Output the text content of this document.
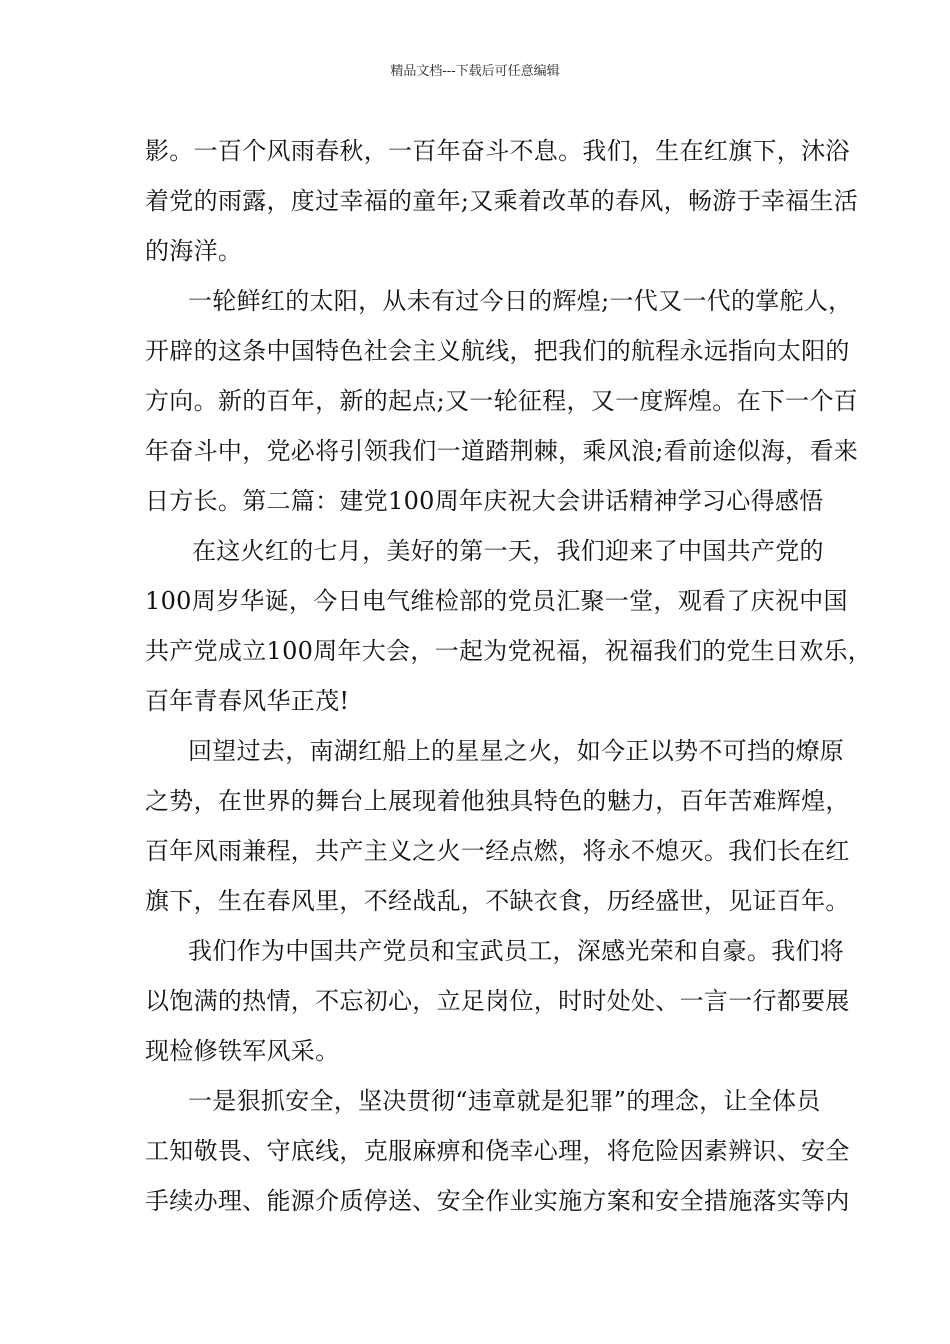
精品文档---下载后可任意编辑
影。一百个风雨春秋，一百年奋斗不息。我们，生在红旗下，沐浴
着党的雨露，度过幸福的童年;又乘着改革的春风，畅游于幸福生活
的海洋。
一轮鲜红的太阳，从未有过今日的辉煌;一代又一代的掌舵人，
开辟的这条中国特色社会主义航线，把我们的航程永远指向太阳的
方向。新的百年，新的起点;又一轮征程，又一度辉煌。在下一个百
年奋斗中，党必将引领我们一道踏荆棘，乘风浪;看前途似海，看来
日方长。第二篇：建党100周年庆祝大会讲话精神学习心得感悟
在这火红的七月，美好的第一天，我们迎来了中国共产党的
100周岁华诞，今日电气维检部的党员汇聚一堂，观看了庆祝中国
共产党成立100周年大会，一起为党祝福，祝福我们的党生日欢乐，
百年青春风华正茂!
回望过去，南湖红船上的星星之火，如今正以势不可挡的燎原
之势，在世界的舞台上展现着他独具特色的魅力，百年苦难辉煌，
百年风雨兼程，共产主义之火一经点燃，将永不熄灭。我们长在红
旗下，生在春风里，不经战乱，不缺衣食，历经盛世，见证百年。
我们作为中国共产党员和宝武员工，深感光荣和自豪。我们将
以饱满的热情，不忘初心，立足岗位，时时处处、一言一行都要展
现检修铁军风采。
一是狠抓安全，坚决贯彻“违章就是犯罪”的理念，让全体员
工知敬畏、守底线，克服麻痹和侥幸心理，将危险因素辨识、安全
手续办理、能源介质停送、安全作业实施方案和安全措施落实等内
